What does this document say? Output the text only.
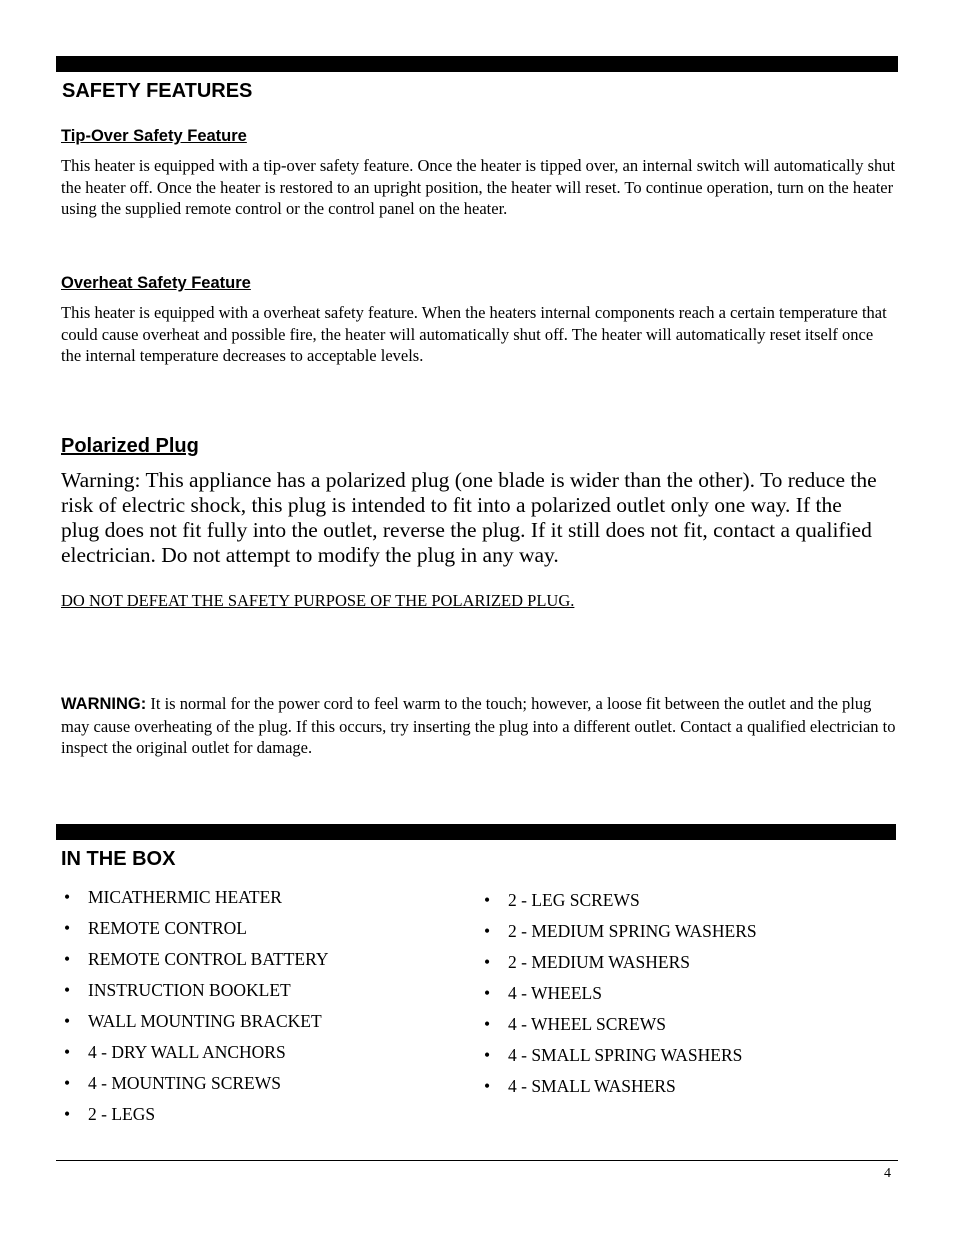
SAFETY FEATURES
Tip-Over Safety Feature
This heater is equipped with a tip-over safety feature. Once the heater is tipped over, an internal switch will automatically shut the heater off. Once the heater is restored to an upright position, the heater will reset. To continue operation, turn on the heater using the supplied remote control or the control panel on the heater.
Overheat Safety Feature
This heater is equipped with a overheat safety feature. When the heaters internal components reach a certain temperature that could cause overheat and possible fire, the heater will automatically shut off. The heater will automatically reset itself once the internal temperature decreases to acceptable levels.
Polarized Plug
Warning: This appliance has a polarized plug (one blade is wider than the other). To reduce the risk of electric shock, this plug is intended to fit into a polarized outlet only one way. If the plug does not fit fully into the outlet, reverse the plug. If it still does not fit, contact a qualified electrician. Do not attempt to modify the plug in any way.
DO NOT DEFEAT THE SAFETY PURPOSE OF THE POLARIZED PLUG.
WARNING: It is normal for the power cord to feel warm to the touch; however, a loose fit between the outlet and the plug may cause overheating of the plug. If this occurs, try inserting the plug into a different outlet. Contact a qualified electrician to inspect the original outlet for damage.
IN THE BOX
• MICATHERMIC HEATER
• REMOTE CONTROL
• REMOTE CONTROL BATTERY
• INSTRUCTION BOOKLET
• WALL MOUNTING BRACKET
• 4 - DRY WALL ANCHORS
• 4 - MOUNTING SCREWS
• 2 - LEGS
• 2 - LEG SCREWS
• 2 - MEDIUM SPRING WASHERS
• 2 - MEDIUM WASHERS
• 4 - WHEELS
• 4 - WHEEL SCREWS
• 4 - SMALL SPRING WASHERS
• 4 - SMALL WASHERS
4
